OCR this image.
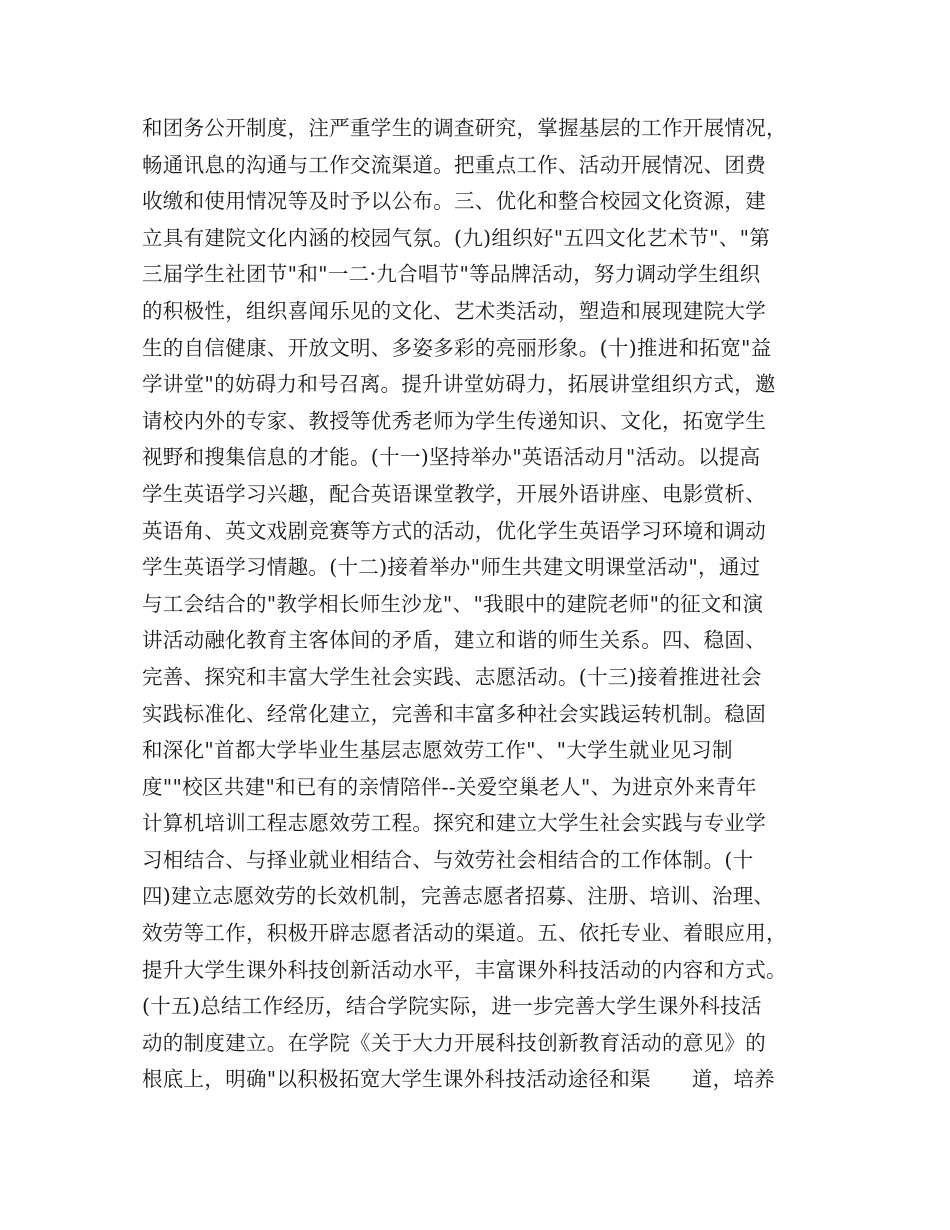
和团务公开制度，注严重学生的调查研究，掌握基层的工作开展情况，
畅通讯息的沟通与工作交流渠道。把重点工作、活动开展情况、团费
收缴和使用情况等及时予以公布。三、优化和整合校园文化资源，建
立具有建院文化内涵的校园气氛。(九)组织好"五四文化艺术节"、"第
三届学生社团节"和"一二·九合唱节"等品牌活动，努力调动学生组织
的积极性，组织喜闻乐见的文化、艺术类活动，塑造和展现建院大学
生的自信健康、开放文明、多姿多彩的亮丽形象。(十)推进和拓宽"益
学讲堂"的妨碍力和号召离。提升讲堂妨碍力，拓展讲堂组织方式，邀
请校内外的专家、教授等优秀老师为学生传递知识、文化，拓宽学生
视野和搜集信息的才能。(十一)坚持举办"英语活动月"活动。以提高
学生英语学习兴趣，配合英语课堂教学，开展外语讲座、电影赏析、
英语角、英文戏剧竞赛等方式的活动，优化学生英语学习环境和调动
学生英语学习情趣。(十二)接着举办"师生共建文明课堂活动"，通过
与工会结合的"教学相长师生沙龙"、"我眼中的建院老师"的征文和演
讲活动融化教育主客体间的矛盾，建立和谐的师生关系。四、稳固、
完善、探究和丰富大学生社会实践、志愿活动。(十三)接着推进社会
实践标准化、经常化建立，完善和丰富多种社会实践运转机制。稳固
和深化"首都大学毕业生基层志愿效劳工作"、"大学生就业见习制
度""校区共建"和已有的亲情陪伴--关爱空巢老人"、为进京外来青年
计算机培训工程志愿效劳工程。探究和建立大学生社会实践与专业学
习相结合、与择业就业相结合、与效劳社会相结合的工作体制。(十
四)建立志愿效劳的长效机制，完善志愿者招募、注册、培训、治理、
效劳等工作，积极开辟志愿者活动的渠道。五、依托专业、着眼应用，
提升大学生课外科技创新活动水平，丰富课外科技活动的内容和方式。
(十五)总结工作经历，结合学院实际，进一步完善大学生课外科技活
动的制度建立。在学院《关于大力开展科技创新教育活动的意见》的
根底上，明确"以积极拓宽大学生课外科技活动途径和渠      道，培养
